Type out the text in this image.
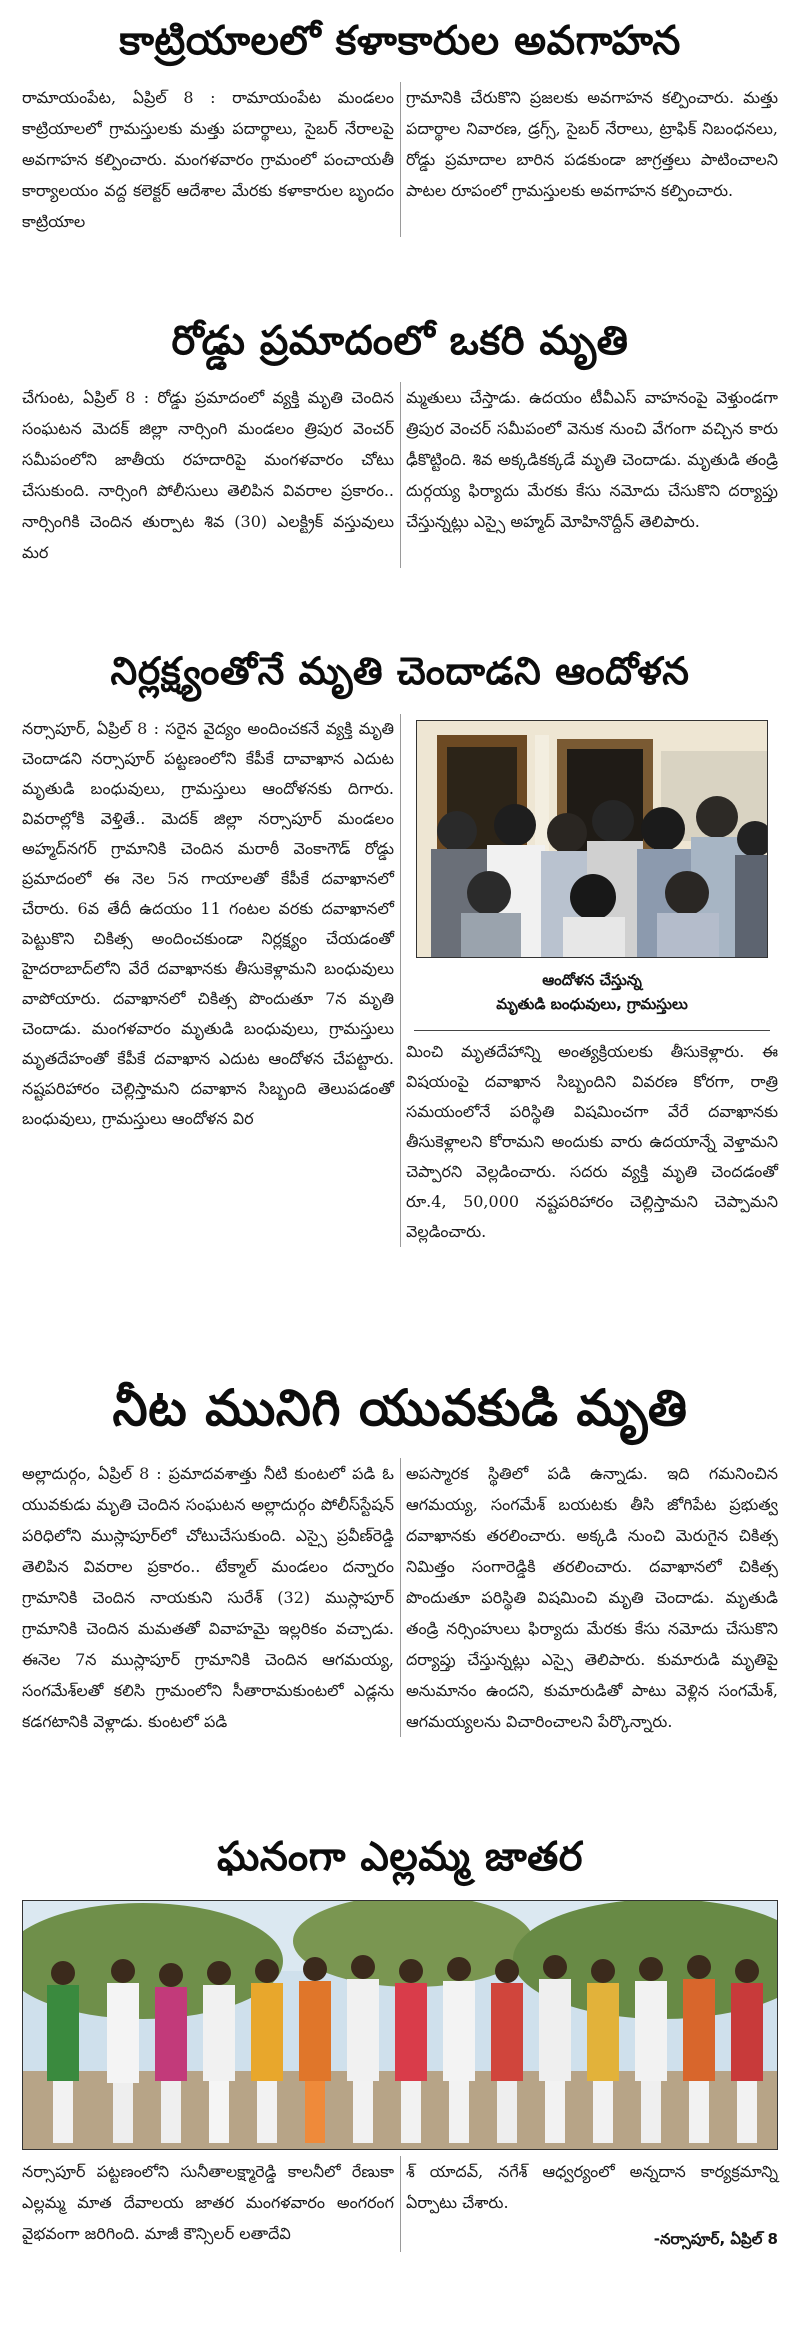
కాట్రియాలలో కళాకారుల అవగాహన

రామాయంపేట, ఏప్రిల్ 8 : రామాయంపేట మండలం కాట్రియాలలో గ్రామస్తులకు మత్తు పదార్థాలు, సైబర్ నేరాలపై అవగాహన కల్పించారు. మంగళవారం గ్రామంలో పంచాయతీ కార్యాలయం వద్ద కలెక్టర్ ఆదేశాల మేరకు కళాకారుల బృందం కాట్రియాల

గ్రామానికి చేరుకొని ప్రజలకు అవగాహన కల్పించారు. మత్తు పదార్థాల నివారణ, డ్రగ్స్, సైబర్ నేరాలు, ట్రాఫిక్ నిబంధనలు, రోడ్డు ప్రమాదాల బారిన పడకుండా జాగ్రత్తలు పాటించాలని పాటల రూపంలో గ్రామస్తులకు అవగాహన కల్పించారు.

రోడ్డు ప్రమాదంలో ఒకరి మృతి

చేగుంట, ఏప్రిల్ 8 : రోడ్డు ప్రమాదంలో వ్యక్తి మృతి చెందిన సంఘటన మెదక్ జిల్లా నార్సింగి మండలం త్రిపుర వెంచర్ సమీపంలోని జాతీయ రహదారిపై మంగళవారం చోటు చేసుకుంది. నార్సింగి పోలీసులు తెలిపిన వివరాల ప్రకారం.. నార్సింగికి చెందిన తుర్పాట శివ (30) ఎలక్ట్రిక్ వస్తువులు మర

మ్మతులు చేస్తాడు. ఉదయం టీవీఎస్ వాహనంపై వెళ్తుండగా త్రిపుర వెంచర్ సమీపంలో వెనుక నుంచి వేగంగా వచ్చిన కారు ఢీకొట్టింది. శివ అక్కడికక్కడే మృతి చెందాడు. మృతుడి తండ్రి దుర్గయ్య ఫిర్యాదు మేరకు కేసు నమోదు చేసుకొని దర్యాప్తు చేస్తున్నట్లు ఎస్సై అహ్మద్ మోహినొద్దీన్ తెలిపారు.

నిర్లక్ష్యంతోనే మృతి చెందాడని ఆందోళన

నర్సాపూర్, ఏప్రిల్ 8 : సరైన వైద్యం అందించకనే వ్యక్తి మృతి చెందాడని నర్సాపూర్ పట్టణంలోని కేపీకే దావాఖాన ఎదుట మృతుడి బంధువులు, గ్రామస్తులు ఆందోళనకు దిగారు. వివరాల్లోకి వెళ్తితే.. మెదక్ జిల్లా నర్సాపూర్ మండలం అహ్మద్‌నగర్ గ్రామానికి చెందిన మరాఠీ వెంకాగౌడ్ రోడ్డు ప్రమాదంలో ఈ నెల 5న గాయాలతో కేపీకే దవాఖానలో చేరారు. 6వ తేదీ ఉదయం 11 గంటల వరకు దవాఖానలో పెట్టుకొని చికిత్స అందించకుండా నిర్లక్ష్యం చేయడంతో హైదరాబాద్‌లోని వేరే దవాఖానకు తీసుకెళ్లామని బంధువులు వాపోయారు. దవాఖానలో చికిత్స పొందుతూ 7న మృతి చెందాడు. మంగళవారం మృతుడి బంధువులు, గ్రామస్తులు మృతదేహంతో కేపీకే దవాఖాన ఎదుట ఆందోళన చేపట్టారు. నష్టపరిహారం చెల్లిస్తామని దవాఖాన సిబ్బంది తెలుపడంతో బంధువులు, గ్రామస్తులు ఆందోళన విర

ఆందోళన చేస్తున్న
మృతుడి బంధువులు, గ్రామస్తులు

మించి మృతదేహాన్ని అంత్యక్రియలకు తీసుకెళ్లారు. ఈ విషయంపై దవాఖాన సిబ్బందిని వివరణ కోరగా, రాత్రి సమయంలోనే పరిస్థితి విషమించగా వేరే దవాఖానకు తీసుకెళ్లాలని కోరామని అందుకు వారు ఉదయాన్నే వెళ్తామని చెప్పారని వెల్లడించారు. సదరు వ్యక్తి మృతి చెందడంతో రూ.4, 50,000 నష్టపరిహారం చెల్లిస్తామని చెప్పామని వెల్లడించారు.

నీట మునిగి యువకుడి మృతి

అల్లాదుర్గం, ఏప్రిల్ 8 : ప్రమాదవశాత్తు నీటి కుంటలో పడి ఓ యువకుడు మృతి చెందిన సంఘటన అల్లాదుర్గం పోలీస్‌స్టేషన్ పరిధిలోని ముస్లాపూర్‌లో చోటుచేసుకుంది. ఎస్సై ప్రవీణ్‌రెడ్డి తెలిపిన వివరాల ప్రకారం.. టేక్మాల్ మండలం దన్నారం గ్రామానికి చెందిన నాయకుని సురేశ్ (32) ముస్లాపూర్ గ్రామానికి చెందిన మమతతో వివాహమై ఇల్లరికం వచ్చాడు. ఈనెల 7న ముస్లాపూర్ గ్రామానికి చెందిన ఆగమయ్య, సంగమేశ్‌లతో కలిసి గ్రామంలోని సీతారామకుంటలో ఎడ్లను కడగటానికి వెళ్లాడు. కుంటలో పడి

అపస్మారక స్థితిలో పడి ఉన్నాడు. ఇది గమనించిన ఆగమయ్య, సంగమేశ్ బయటకు తీసి జోగిపేట ప్రభుత్వ దవాఖానకు తరలించారు. అక్కడి నుంచి మెరుగైన చికిత్స నిమిత్తం సంగారెడ్డికి తరలించారు. దవాఖానలో చికిత్స పొందుతూ పరిస్థితి విషమించి మృతి చెందాడు. మృతుడి తండ్రి నర్సింహులు ఫిర్యాదు మేరకు కేసు నమోదు చేసుకొని దర్యాప్తు చేస్తున్నట్లు ఎస్సై తెలిపారు. కుమారుడి మృతిపై అనుమానం ఉందని, కుమారుడితో పాటు వెళ్లిన సంగమేశ్, ఆగమయ్యలను విచారించాలని పేర్కొన్నారు.

ఘనంగా ఎల్లమ్మ జాతర

నర్సాపూర్ పట్టణంలోని సునీతాలక్ష్మారెడ్డి కాలనీలో రేణుకా ఎల్లమ్మ మాత దేవాలయ జాతర మంగళవారం అంగరంగ వైభవంగా జరిగింది. మాజీ కౌన్సిలర్ లతాదేవి

శ్ యాదవ్, నగేశ్ ఆధ్వర్యంలో అన్నదాన కార్యక్రమాన్ని ఏర్పాటు చేశారు.

-నర్సాపూర్, ఏప్రిల్ 8
